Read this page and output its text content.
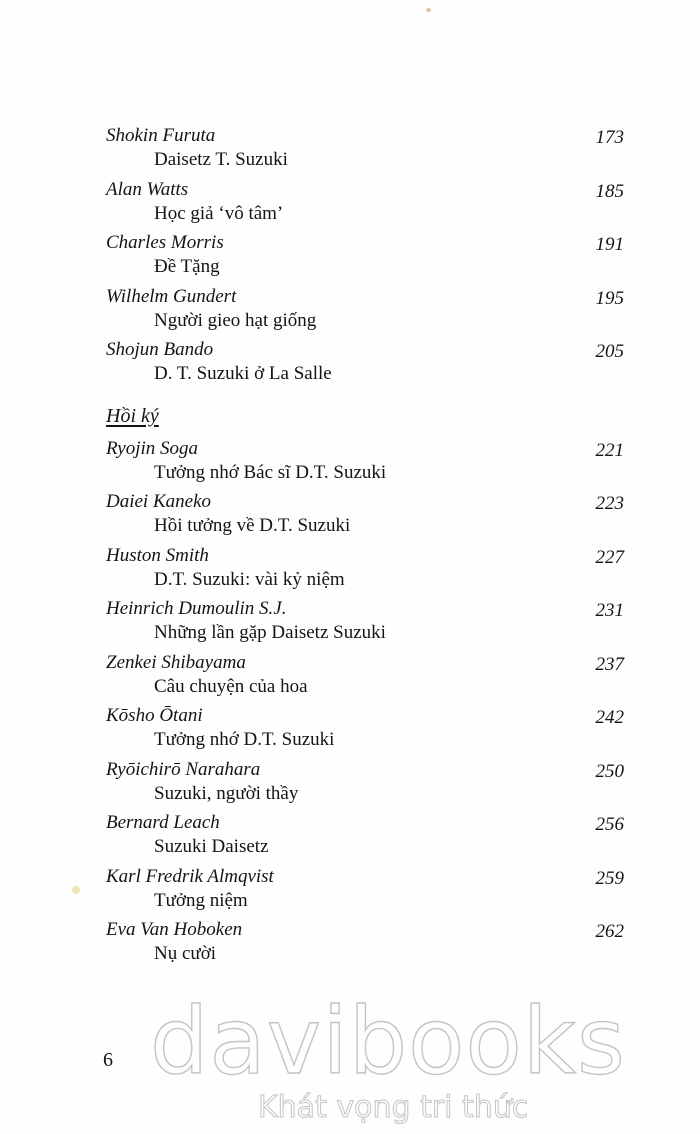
Shokin Furuta
Daisetz T. Suzuki
173
Alan Watts
Học giả ‘vô tâm’
185
Charles Morris
Đề Tặng
191
Wilhelm Gundert
Người gieo hạt giống
195
Shojun Bando
D. T. Suzuki ở La Salle
205
Hồi ký
Ryojin Soga
Tưởng nhớ Bác sĩ D.T. Suzuki
221
Daiei Kaneko
Hồi tưởng về D.T. Suzuki
223
Huston Smith
D.T. Suzuki: vài kỷ niệm
227
Heinrich Dumoulin S.J.
Những lần gặp Daisetz Suzuki
231
Zenkei Shibayama
Câu chuyện của hoa
237
Kōsho Ōtani
Tưởng nhớ D.T. Suzuki
242
Ryōichirō Narahara
Suzuki, người thầy
250
Bernard Leach
Suzuki Daisetz
256
Karl Fredrik Almqvist
Tưởng niệm
259
Eva Van Hoboken
Nụ cười
262
6 davibooks
Khát vọng tri thức
